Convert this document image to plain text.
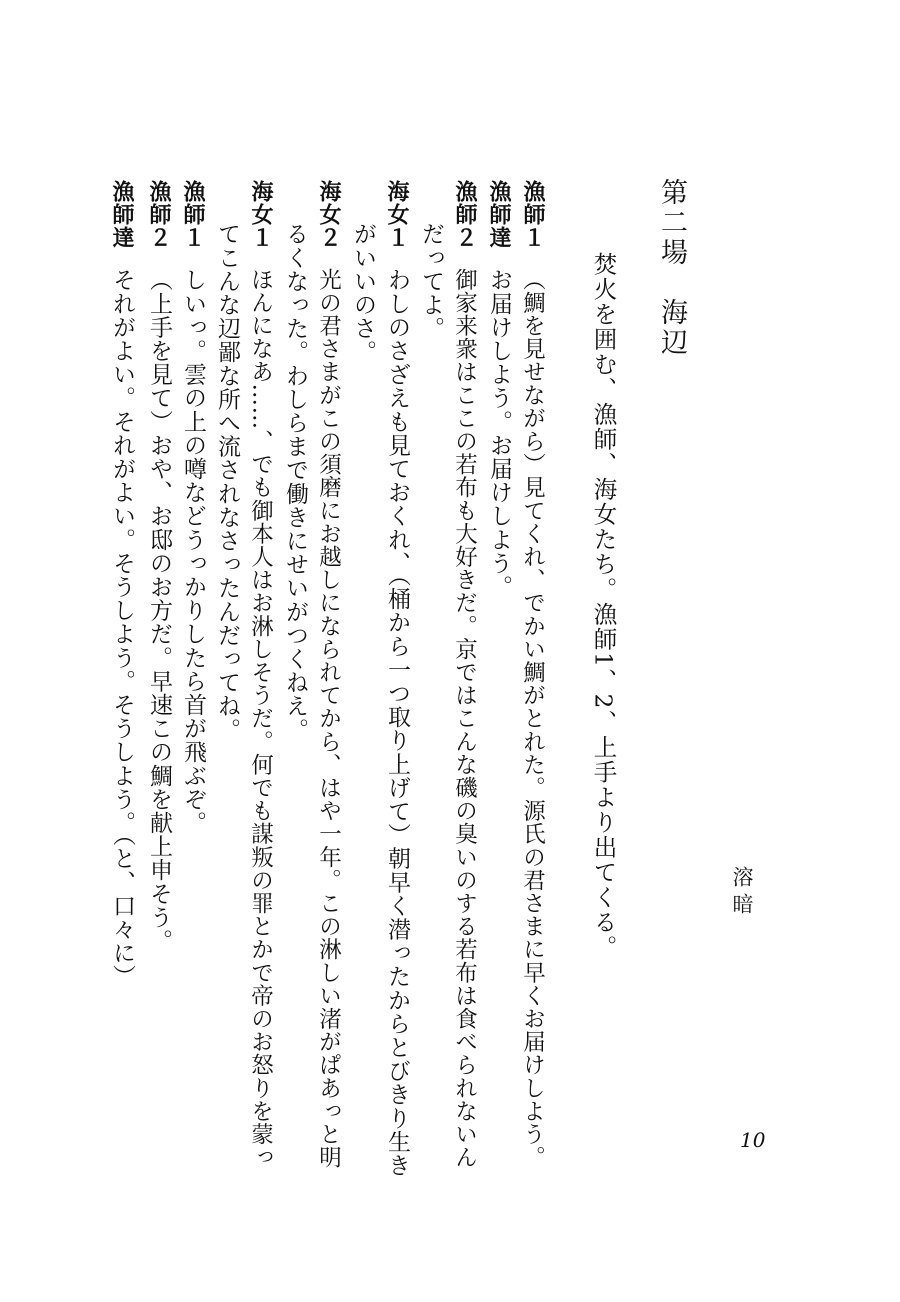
第二場　海辺
溶暗
焚火を囲む、漁師、海女たち。漁師1、2、上手より出てくる。
漁師１
（鯛を見せながら）見てくれ、でかい鯛がとれた。源氏の君さまに早くお届けしよう。
漁師達
お届けしよう。お届けしよう。
漁師２
御家来衆はここの若布も大好きだ。京ではこんな磯の臭いのする若布は食べられないん
だってよ。
海女１
わしのさざえも見ておくれ、（桶から一つ取り上げて）朝早く潜ったからとびきり生き
がいいのさ。
海女２
光の君さまがこの須磨にお越しになられてから、はや一年。この淋しい渚がぱあっと明
るくなった。わしらまで働きにせいがつくねえ。
海女１
ほんになあ……、でも御本人はお淋しそうだ。何でも謀叛の罪とかで帝のお怒りを蒙っ
てこんな辺鄙な所へ流されなさったんだってね。
漁師１
しいっ。雲の上の噂などうっかりしたら首が飛ぶぞ。
漁師２
（上手を見て）おや、お邸のお方だ。早速この鯛を献上申そう。
漁師達
それがよい。それがよい。そうしよう。そうしよう。（と、口々に）
10
